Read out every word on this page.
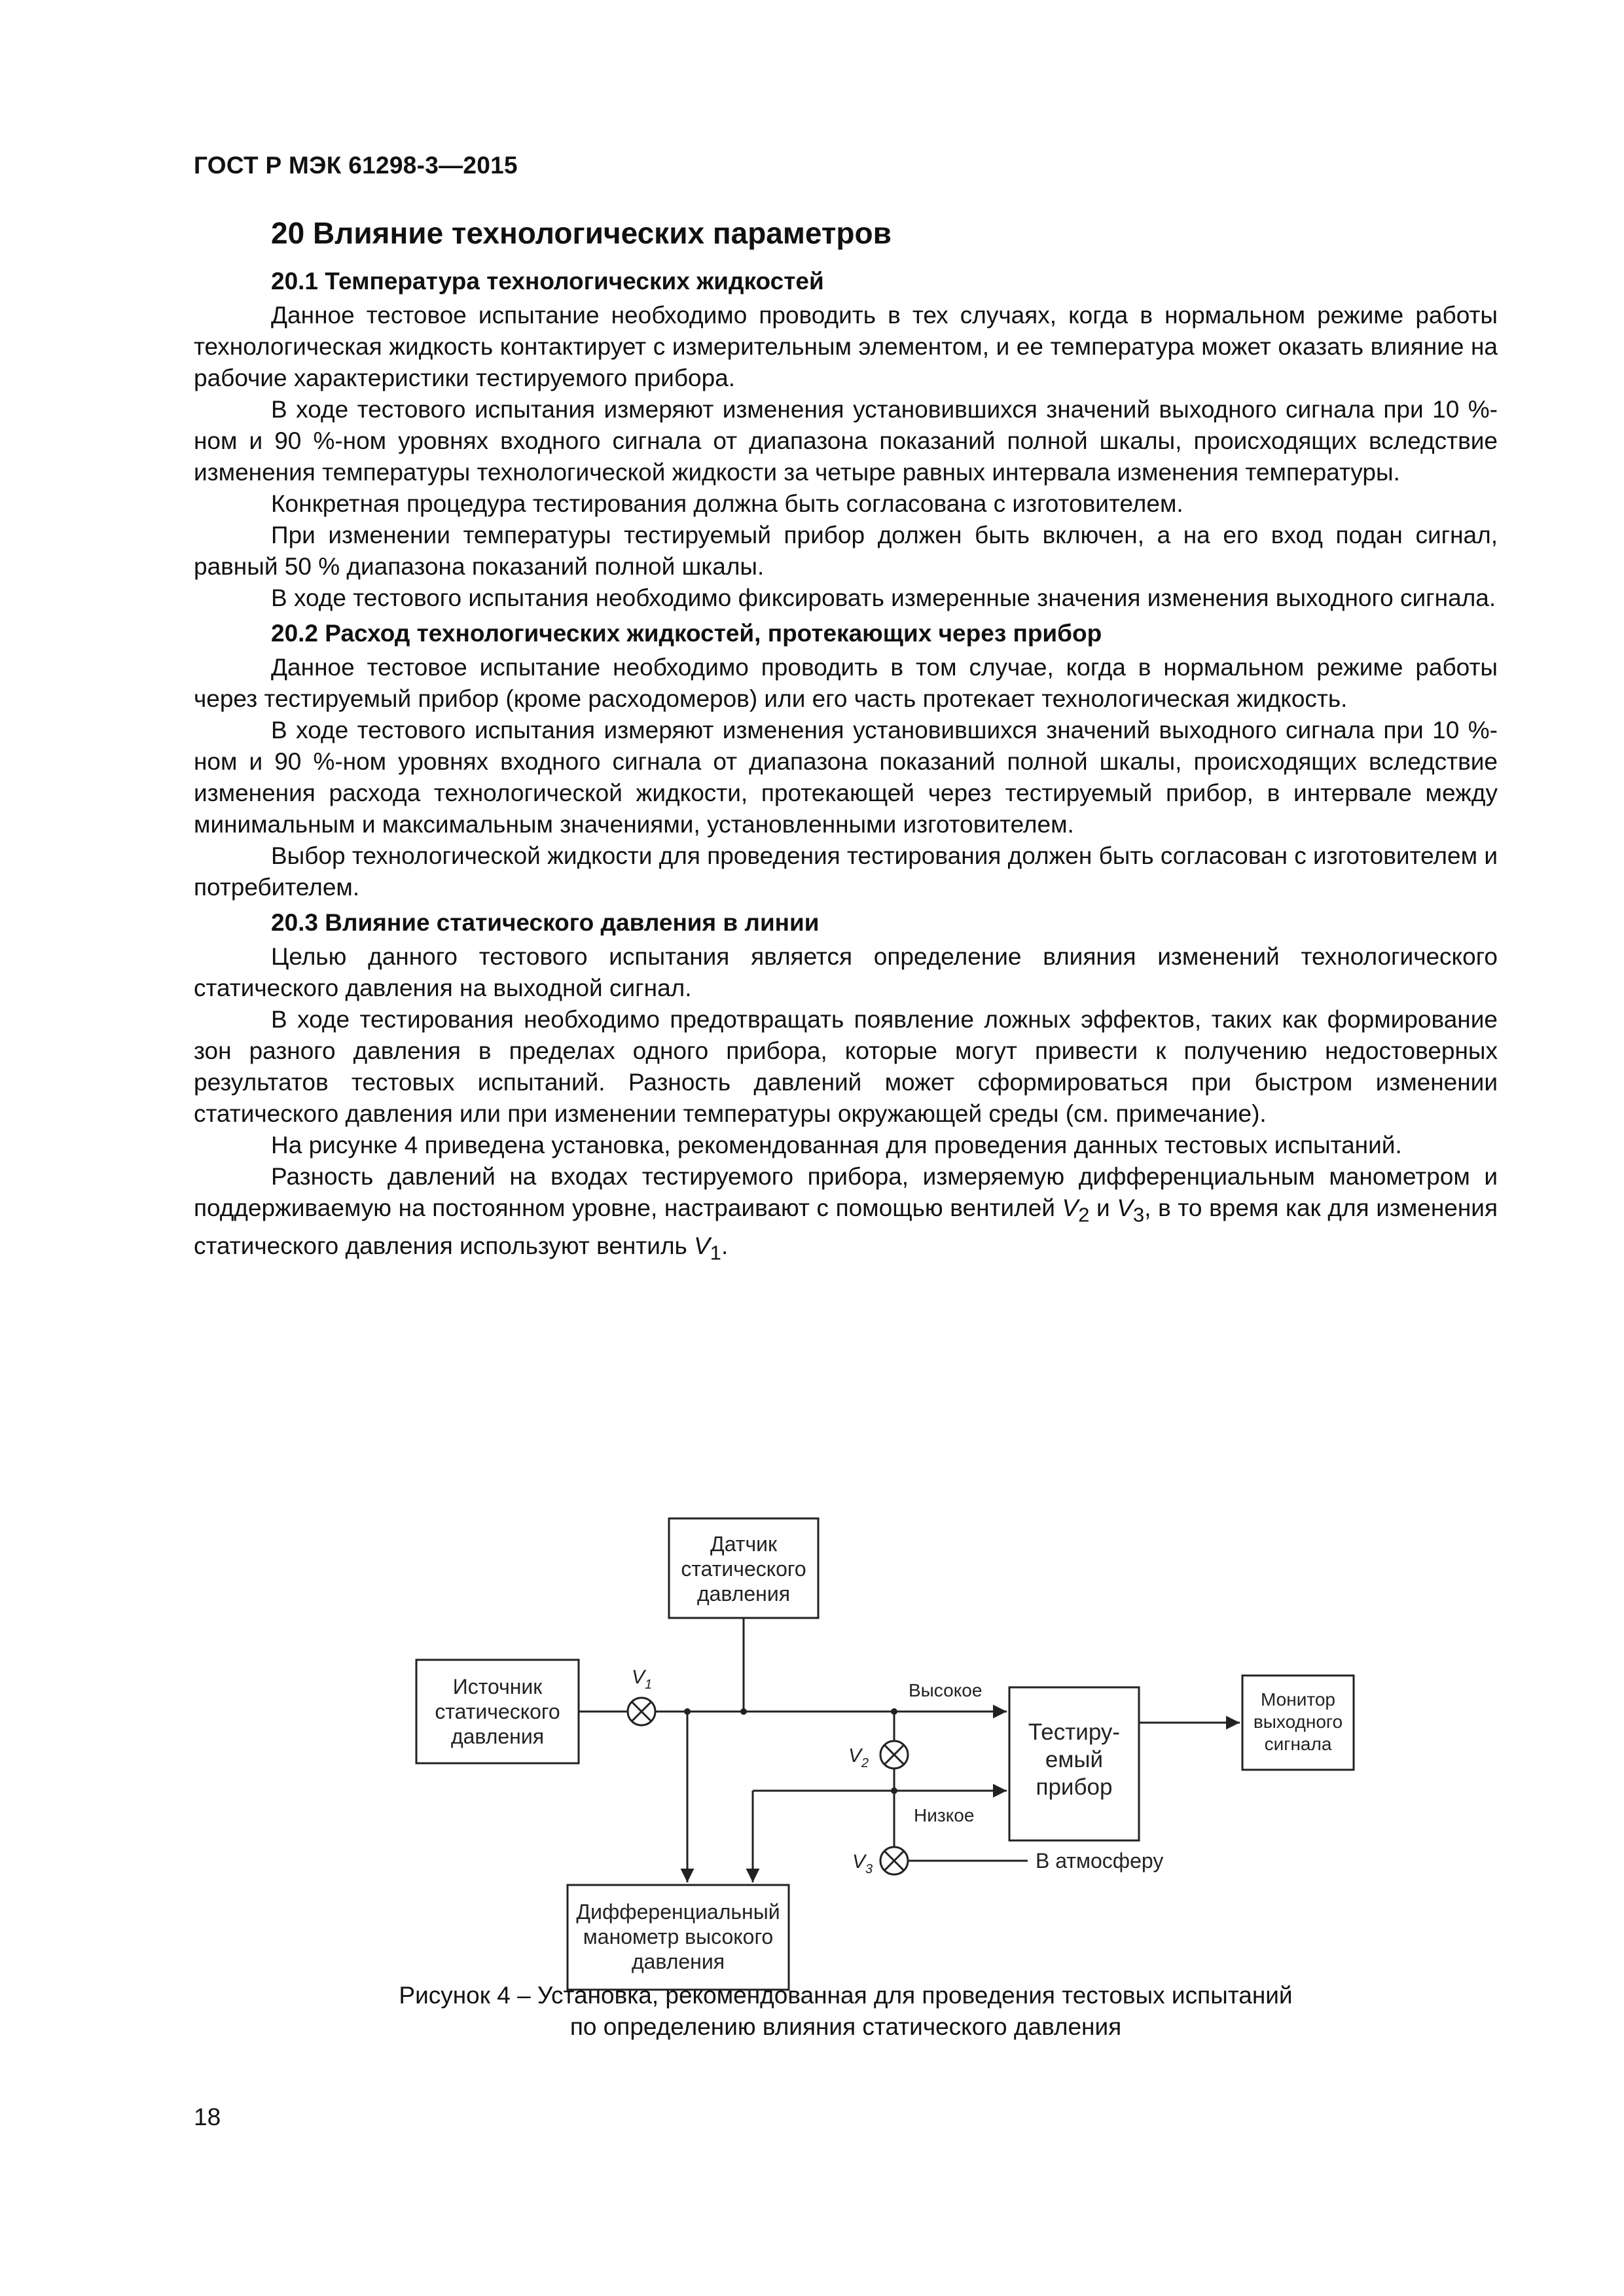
ГОСТ Р МЭК 61298-3—2015
20 Влияние технологических параметров
20.1 Температура технологических жидкостей

Данное тестовое испытание необходимо проводить в тех случаях, когда в нормальном режиме работы технологическая жидкость контактирует с измерительным элементом, и ее температура может оказать влияние на рабочие характеристики тестируемого прибора.

В ходе тестового испытания измеряют изменения установившихся значений выходного сигнала при 10 %-ном и 90 %-ном уровнях входного сигнала от диапазона показаний полной шкалы, происходящих вследствие изменения температуры технологической жидкости за четыре равных интервала изменения температуры.

Конкретная процедура тестирования должна быть согласована с изготовителем.

При изменении температуры тестируемый прибор должен быть включен, а на его вход подан сигнал, равный 50 % диапазона показаний полной шкалы.

В ходе тестового испытания необходимо фиксировать измеренные значения изменения выходного сигнала.

20.2 Расход технологических жидкостей, протекающих через прибор

Данное тестовое испытание необходимо проводить в том случае, когда в нормальном режиме работы через тестируемый прибор (кроме расходомеров) или его часть протекает технологическая жидкость.

В ходе тестового испытания измеряют изменения установившихся значений выходного сигнала при 10 %-ном и 90 %-ном уровнях входного сигнала от диапазона показаний полной шкалы, происходящих вследствие изменения расхода технологической жидкости, протекающей через тестируемый прибор, в интервале между минимальным и максимальным значениями, установленными изготовителем.

Выбор технологической жидкости для проведения тестирования должен быть согласован с изготовителем и потребителем.

20.3 Влияние статического давления в линии

Целью данного тестового испытания является определение влияния изменений технологического статического давления на выходной сигнал.

В ходе тестирования необходимо предотвращать появление ложных эффектов, таких как формирование зон разного давления в пределах одного прибора, которые могут привести к получению недостоверных результатов тестовых испытаний. Разность давлений может сформироваться при быстром изменении статического давления или при изменении температуры окружающей среды (см. примечание).

На рисунке 4 приведена установка, рекомендованная для проведения данных тестовых испытаний.

Разность давлений на входах тестируемого прибора, измеряемую дифференциальным манометром и поддерживаемую на постоянном уровне, настраивают с помощью вентилей $V_2$ и $V_3$, в то время как для изменения статического давления используют вентиль $V_1$.

Датчик
статического
давления
Источник
статического
давления	Тестиру-
емый
прибор
Монитор
выходного
сигнала
Дифференциальный
манометр высокого
давления
$V_1$
$V_2$
$V_3$
Высокое
Низкое
В атмосферу
Рисунок 4 – Установка, рекомендованная для проведения тестовых испытаний
по определению влияния статического давления
18
